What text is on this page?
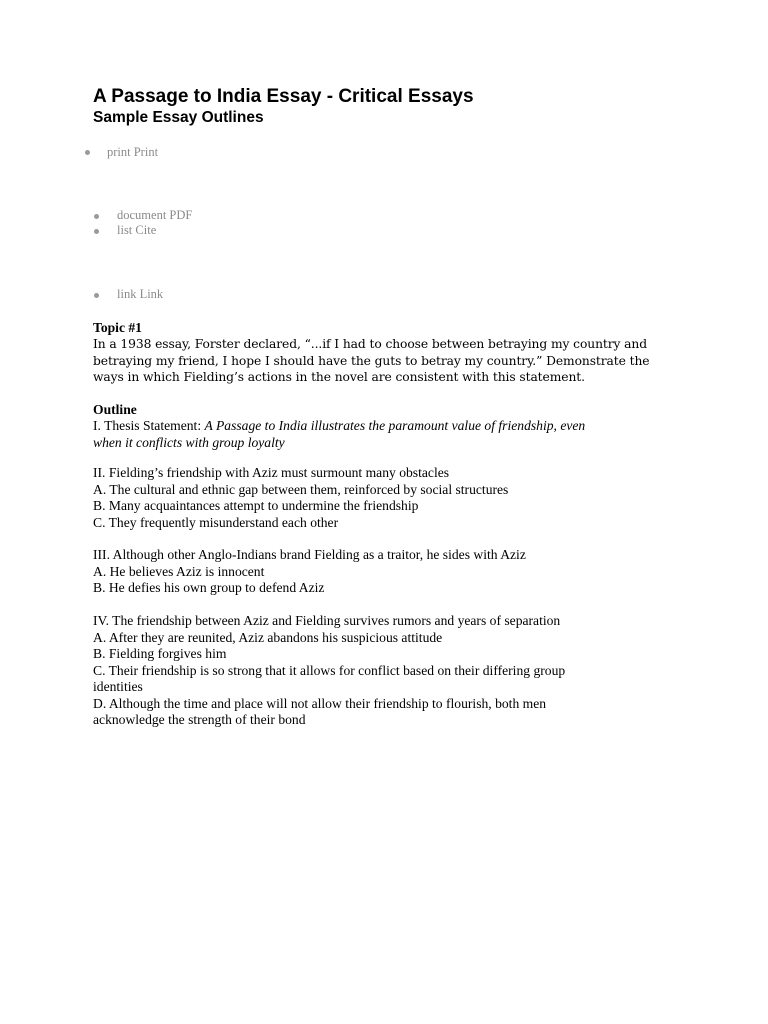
A Passage to India Essay - Critical Essays
Sample Essay Outlines
print Print
document PDF
list Cite
link Link
Topic #1
In a 1938 essay, Forster declared, “...if I had to choose between betraying my country and
betraying my friend, I hope I should have the guts to betray my country.” Demonstrate the
ways in which Fielding’s actions in the novel are consistent with this statement.
Outline
I. Thesis Statement: A Passage to India illustrates the paramount value of friendship, even
when it conflicts with group loyalty
II. Fielding’s friendship with Aziz must surmount many obstacles
A. The cultural and ethnic gap between them, reinforced by social structures
B. Many acquaintances attempt to undermine the friendship
C. They frequently misunderstand each other
III. Although other Anglo-Indians brand Fielding as a traitor, he sides with Aziz
A. He believes Aziz is innocent
B. He defies his own group to defend Aziz
IV. The friendship between Aziz and Fielding survives rumors and years of separation
A. After they are reunited, Aziz abandons his suspicious attitude
B. Fielding forgives him
C. Their friendship is so strong that it allows for conflict based on their differing group
identities
D. Although the time and place will not allow their friendship to flourish, both men
acknowledge the strength of their bond
